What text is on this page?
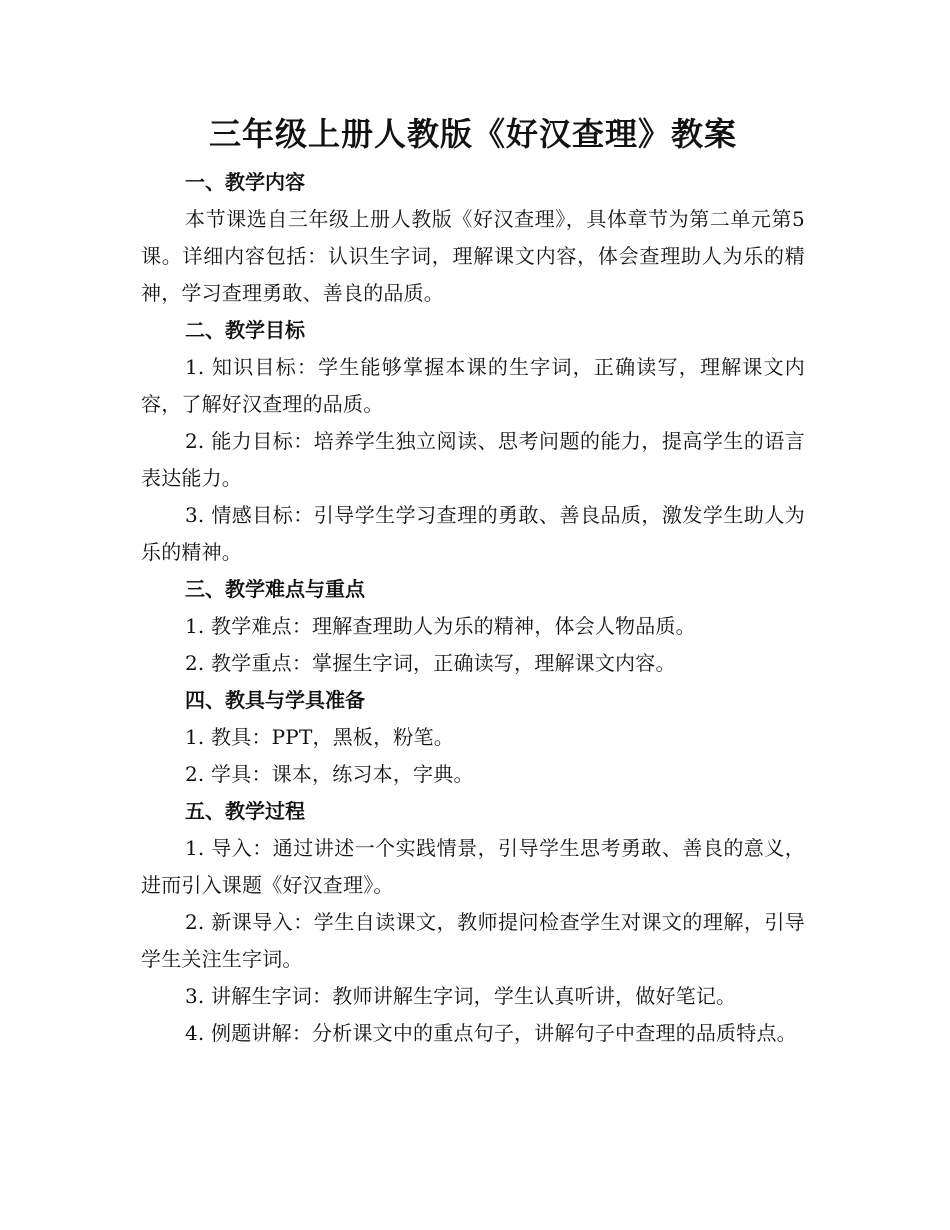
三年级上册人教版《好汉查理》教案
一、教学内容

本节课选自三年级上册人教版《好汉查理》，具体章节为第二单元第5课。详细内容包括：认识生字词，理解课文内容，体会查理助人为乐的精神，学习查理勇敢、善良的品质。

二、教学目标

1. 知识目标：学生能够掌握本课的生字词，正确读写，理解课文内容，了解好汉查理的品质。

2. 能力目标：培养学生独立阅读、思考问题的能力，提高学生的语言表达能力。

3. 情感目标：引导学生学习查理的勇敢、善良品质，激发学生助人为乐的精神。

三、教学难点与重点

1. 教学难点：理解查理助人为乐的精神，体会人物品质。

2. 教学重点：掌握生字词，正确读写，理解课文内容。

四、教具与学具准备

1. 教具：PPT，黑板，粉笔。

2. 学具：课本，练习本，字典。

五、教学过程

1. 导入：通过讲述一个实践情景，引导学生思考勇敢、善良的意义，进而引入课题《好汉查理》。

2. 新课导入：学生自读课文，教师提问检查学生对课文的理解，引导学生关注生字词。

3. 讲解生字词：教师讲解生字词，学生认真听讲，做好笔记。

4. 例题讲解：分析课文中的重点句子，讲解句子中查理的品质特点。
